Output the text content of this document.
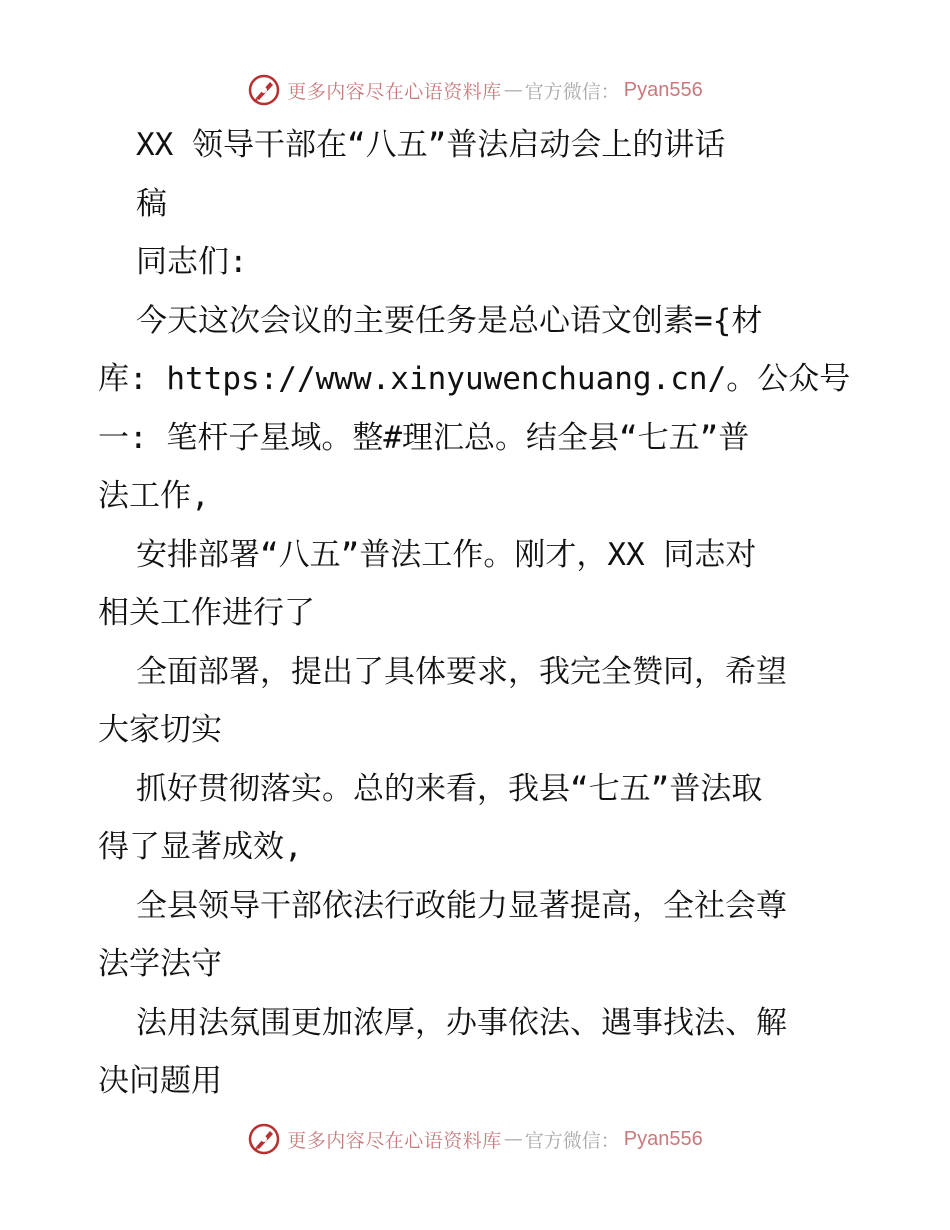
更多内容尽在心语资料库 — 官方微信： Pyan556
XX 领导干部在“八五”普法启动会上的讲话
稿
同志们:
今天这次会议的主要任务是总心语文创素={材
库: https://www.xinyuwenchuang.cn/。公众号
一: 笔杆子星域。整#理汇总。结全县“七五”普
法工作,
安排部署“八五”普法工作。刚才，XX 同志对
相关工作进行了
全面部署，提出了具体要求，我完全赞同，希望
大家切实
抓好贯彻落实。总的来看，我县“七五”普法取
得了显著成效,
全县领导干部依法行政能力显著提高，全社会尊
法学法守
法用法氛围更加浓厚，办事依法、遇事找法、解
决问题用
更多内容尽在心语资料库 — 官方微信： Pyan556
